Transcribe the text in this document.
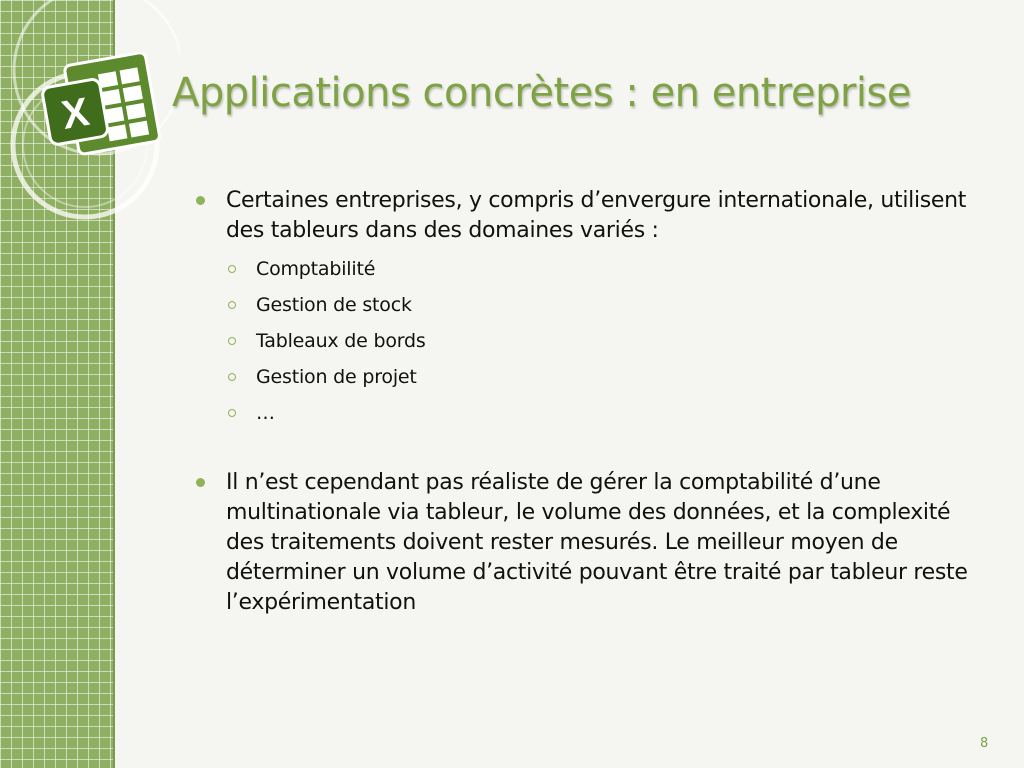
X Applications concrètes : en entreprise
Certaines entreprises, y compris d’envergure internationale, utilisent des tableurs dans des domaines variés :
Comptabilité
Gestion de stock
Tableaux de bords
Gestion de projet
…
Il n’est cependant pas réaliste de gérer la comptabilité d’une multinationale via tableur, le volume des données, et la complexité des traitements doivent rester mesurés. Le meilleur moyen de déterminer un volume d’activité pouvant être traité par tableur reste l’expérimentation
8
